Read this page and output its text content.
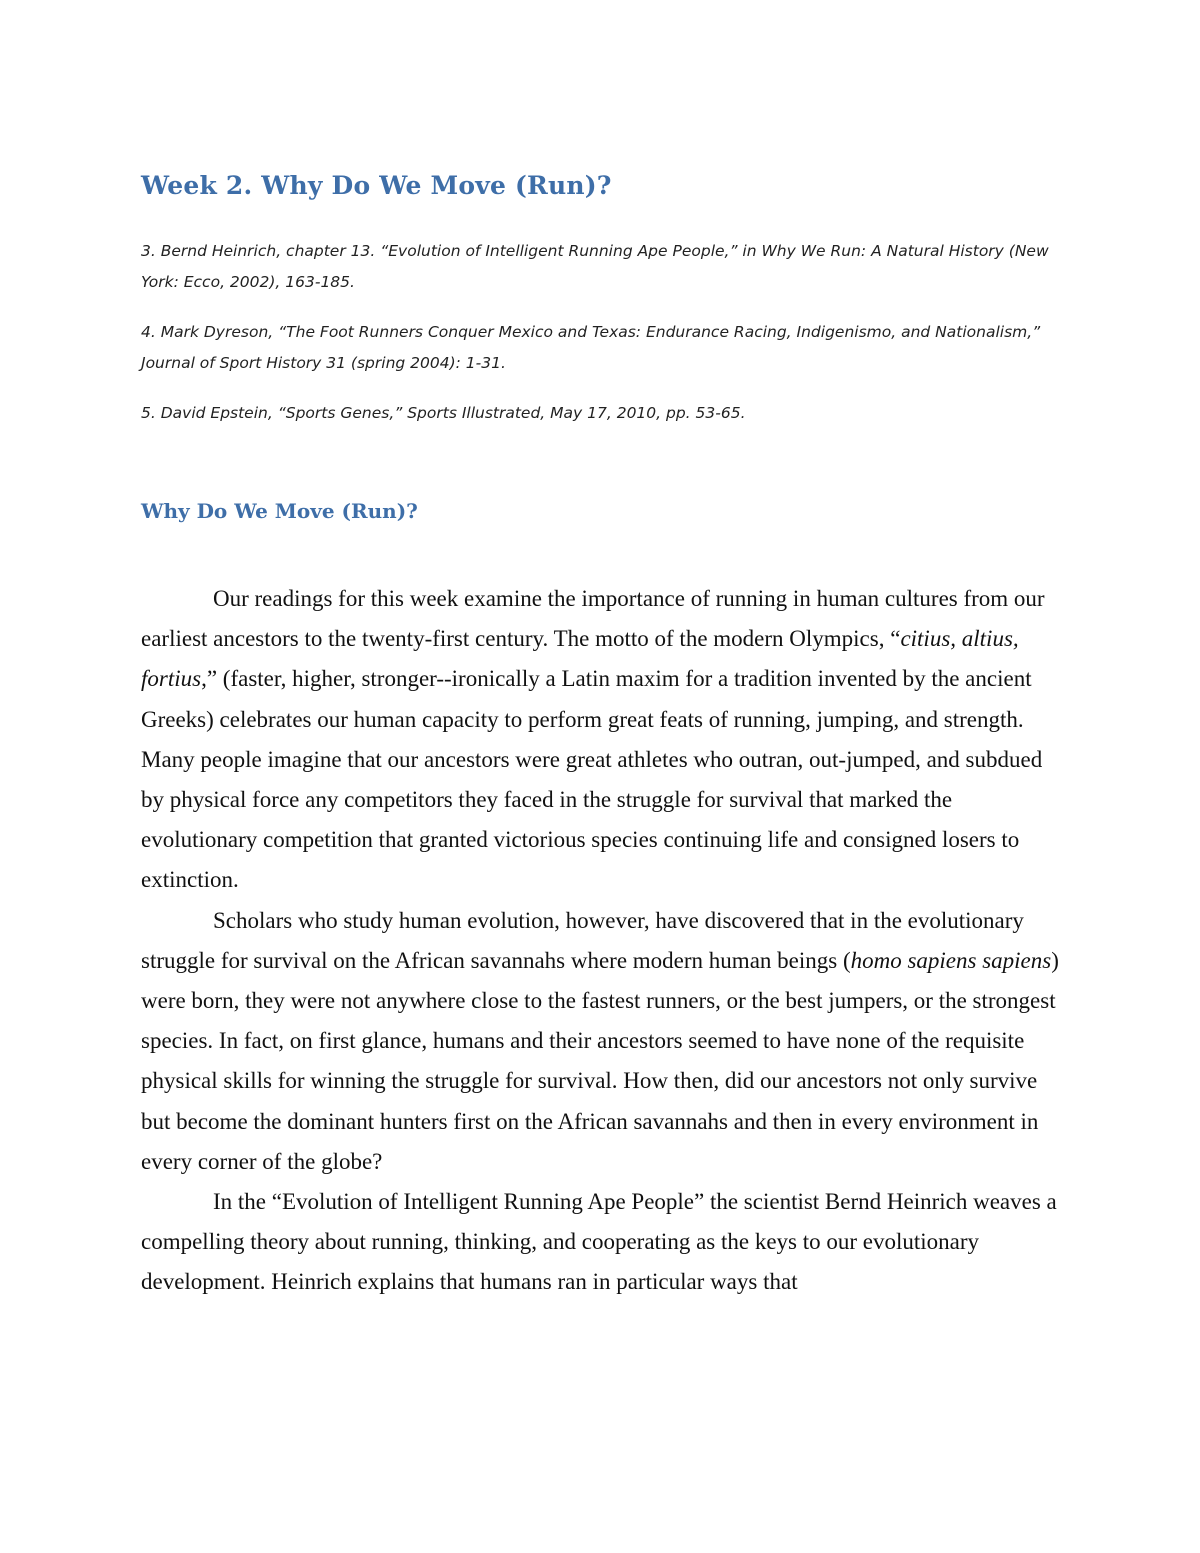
Week 2. Why Do We Move (Run)?

3. Bernd Heinrich, chapter 13. “Evolution of Intelligent Running Ape People,” in Why We Run: A Natural History (New York: Ecco, 2002), 163-185.

4. Mark Dyreson, “The Foot Runners Conquer Mexico and Texas: Endurance Racing, Indigenismo, and Nationalism,” Journal of Sport History 31 (spring 2004): 1-31.

5. David Epstein, “Sports Genes,” Sports Illustrated, May 17, 2010, pp. 53-65.

Why Do We Move (Run)?

Our readings for this week examine the importance of running in human cultures from our earliest ancestors to the twenty-first century. The motto of the modern Olympics, “citius, altius, fortius,” (faster, higher, stronger--ironically a Latin maxim for a tradition invented by the ancient Greeks) celebrates our human capacity to perform great feats of running, jumping, and strength. Many people imagine that our ancestors were great athletes who outran, out-jumped, and subdued by physical force any competitors they faced in the struggle for survival that marked the evolutionary competition that granted victorious species continuing life and consigned losers to extinction.

Scholars who study human evolution, however, have discovered that in the evolutionary struggle for survival on the African savannahs where modern human beings (homo sapiens sapiens) were born, they were not anywhere close to the fastest runners, or the best jumpers, or the strongest species. In fact, on first glance, humans and their ancestors seemed to have none of the requisite physical skills for winning the struggle for survival. How then, did our ancestors not only survive but become the dominant hunters first on the African savannahs and then in every environment in every corner of the globe?

In the “Evolution of Intelligent Running Ape People” the scientist Bernd Heinrich weaves a compelling theory about running, thinking, and cooperating as the keys to our evolutionary development. Heinrich explains that humans ran in particular ways that
